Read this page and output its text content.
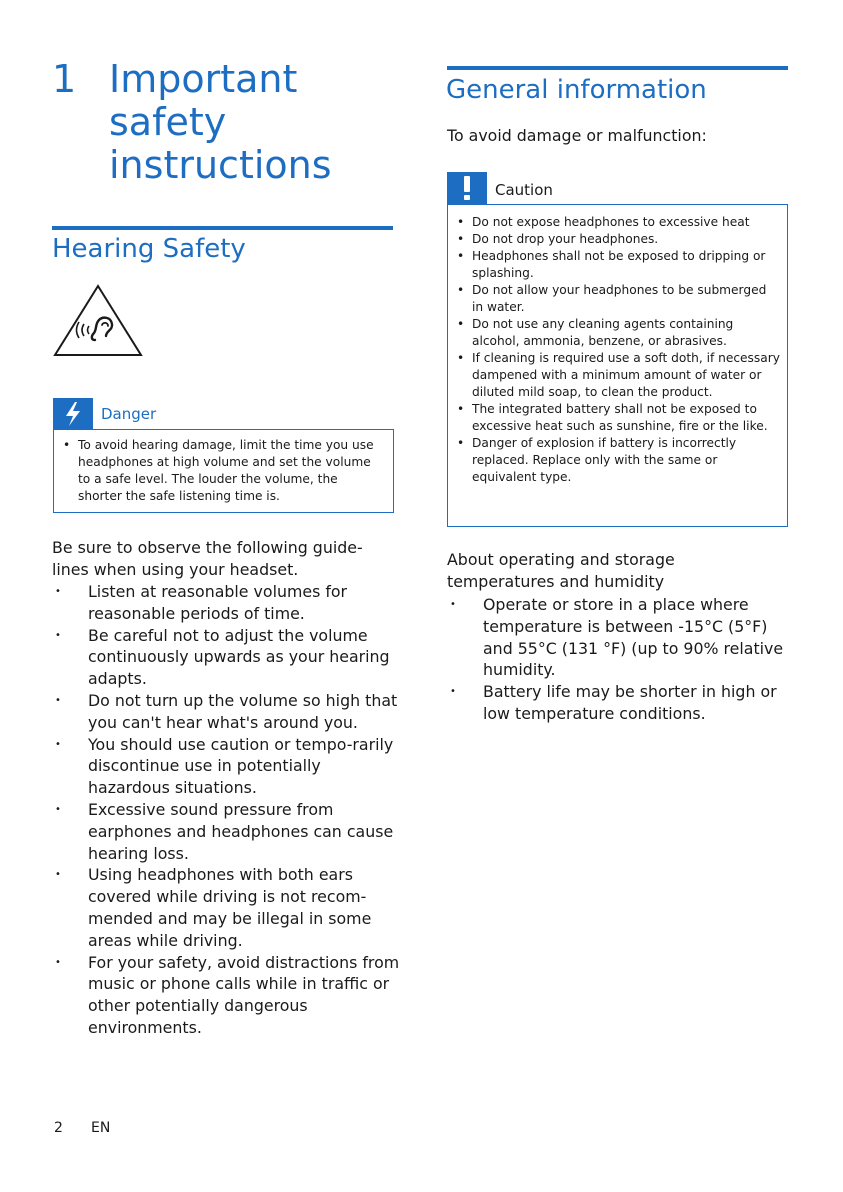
1 Important safety instructions
Hearing Safety
Danger
• To avoid hearing damage, limit the time you use headphones at high volume and set the volume to a safe level. The louder the volume, the shorter the safe listening time is.
Be sure to observe the following guide-lines when using your headset.
• Listen at reasonable volumes for reasonable periods of time.
• Be careful not to adjust the volume continuously upwards as your hearing adapts.
• Do not turn up the volume so high that you can't hear what's around you.
• You should use caution or tempo-rarily discontinue use in potentially hazardous situations.
• Excessive sound pressure from earphones and headphones can cause hearing loss.
• Using headphones with both ears covered while driving is not recom-mended and may be illegal in some areas while driving.
• For your safety, avoid distractions from music or phone calls while in traffic or other potentially dangerous environments.
General information
To avoid damage or malfunction:
Caution
• Do not expose headphones to excessive heat
• Do not drop your headphones.
• Headphones shall not be exposed to dripping or splashing.
• Do not allow your headphones to be submerged in water.
• Do not use any cleaning agents containing alcohol, ammonia, benzene, or abrasives.
• If cleaning is required use a soft doth, if necessary dampened with a minimum amount of water or diluted mild soap, to clean the product.
• The integrated battery shall not be exposed to excessive heat such as sunshine, fire or the like.
• Danger of explosion if battery is incorrectly replaced. Replace only with the same or equivalent type.
About operating and storage temperatures and humidity
• Operate or store in a place where temperature is between -15°C (5°F) and 55°C (131 °F) (up to 90% relative humidity.
• Battery life may be shorter in high or low temperature conditions.
2 EN
